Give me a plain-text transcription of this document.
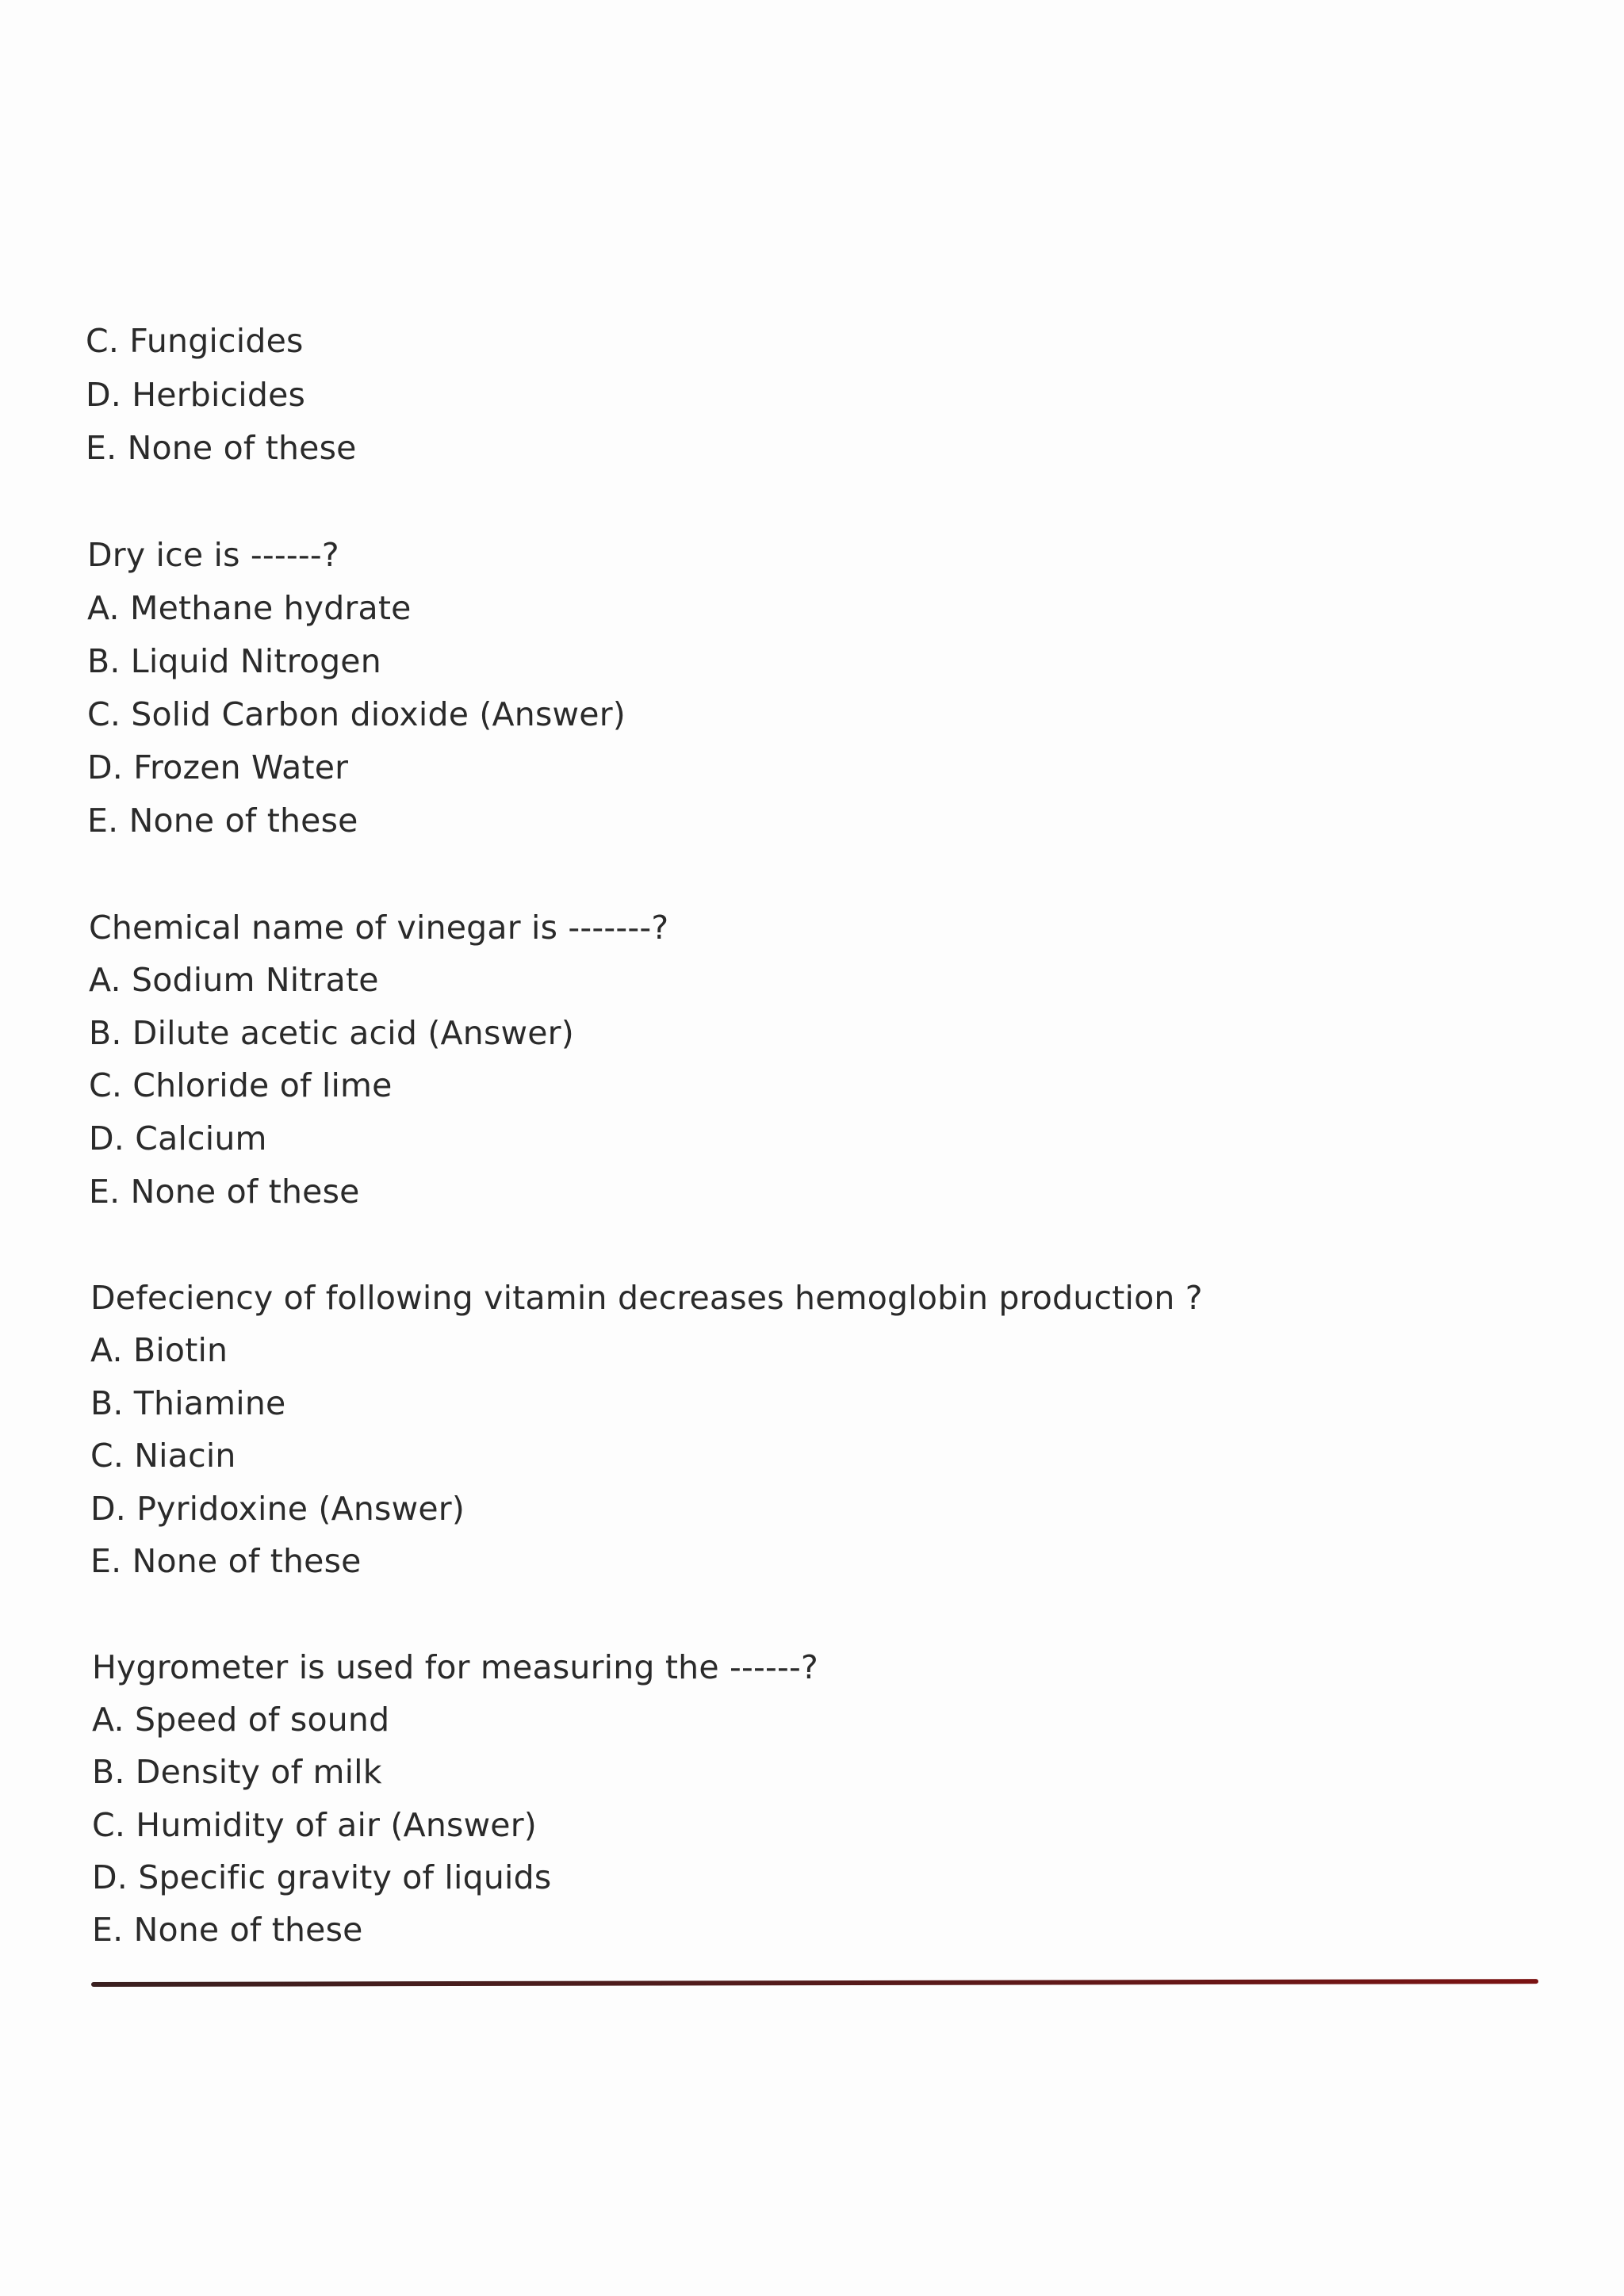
C. Fungicides
D. Herbicides
E. None of these
Dry ice is ------?
A. Methane hydrate
B. Liquid Nitrogen
C. Solid Carbon dioxide (Answer)
D. Frozen Water
E. None of these
Chemical name of vinegar is -------?
A. Sodium Nitrate
B. Dilute acetic acid (Answer)
C. Chloride of lime
D. Calcium
E. None of these
Defeciency of following vitamin decreases hemoglobin production ?
A. Biotin
B. Thiamine
C. Niacin
D. Pyridoxine (Answer)
E. None of these
Hygrometer is used for measuring the ------?
A. Speed of sound
B. Density of milk
C. Humidity of air (Answer)
D. Specific gravity of liquids
E. None of these
